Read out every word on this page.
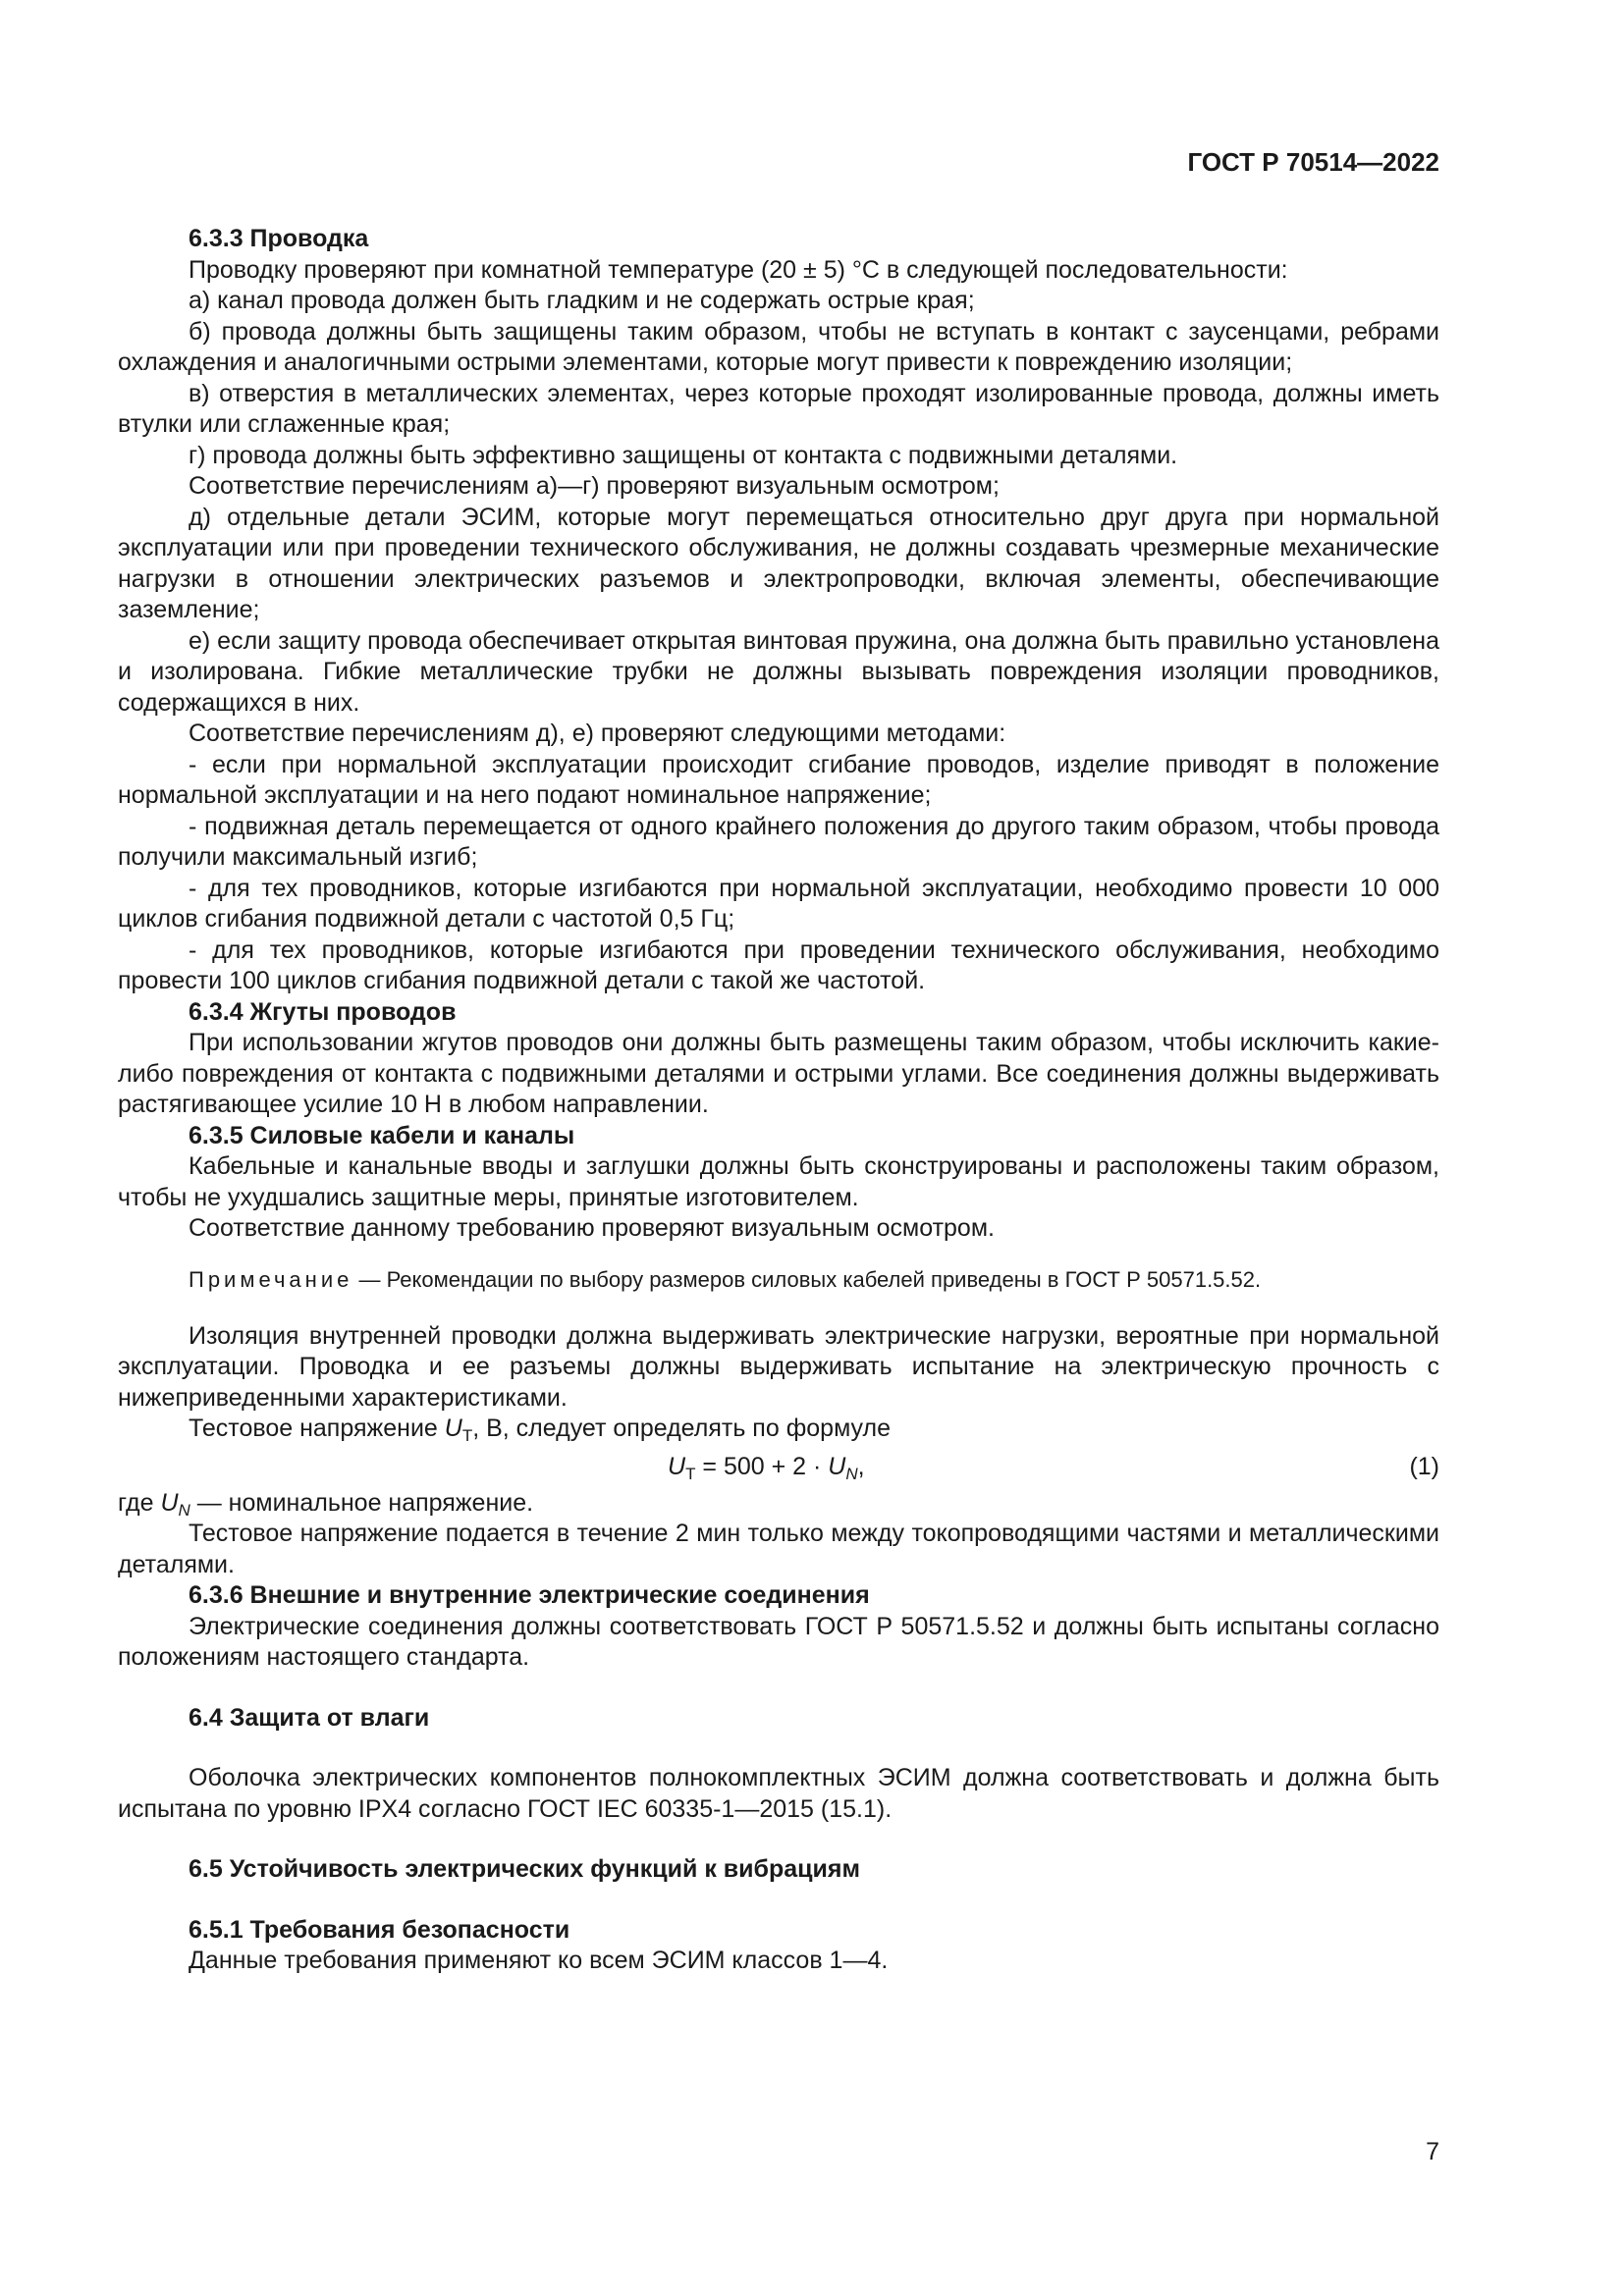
ГОСТ Р 70514—2022

6.3.3 Проводка

Проводку проверяют при комнатной температуре (20 ± 5) °С в следующей последовательности:

а) канал провода должен быть гладким и не содержать острые края;

б) провода должны быть защищены таким образом, чтобы не вступать в контакт с заусенцами, ребрами охлаждения и аналогичными острыми элементами, которые могут привести к повреждению изоляции;

в) отверстия в металлических элементах, через которые проходят изолированные провода, должны иметь втулки или сглаженные края;

г) провода должны быть эффективно защищены от контакта с подвижными деталями.

Соответствие перечислениям а)—г) проверяют визуальным осмотром;

д) отдельные детали ЭСИМ, которые могут перемещаться относительно друг друга при нормальной эксплуатации или при проведении технического обслуживания, не должны создавать чрезмерные механические нагрузки в отношении электрических разъемов и электропроводки, включая элементы, обеспечивающие заземление;

е) если защиту провода обеспечивает открытая винтовая пружина, она должна быть правильно установлена и изолирована. Гибкие металлические трубки не должны вызывать повреждения изоляции проводников, содержащихся в них.

Соответствие перечислениям д), е) проверяют следующими методами:

- если при нормальной эксплуатации происходит сгибание проводов, изделие приводят в положение нормальной эксплуатации и на него подают номинальное напряжение;

- подвижная деталь перемещается от одного крайнего положения до другого таким образом, чтобы провода получили максимальный изгиб;

- для тех проводников, которые изгибаются при нормальной эксплуатации, необходимо провести 10 000 циклов сгибания подвижной детали с частотой 0,5 Гц;

- для тех проводников, которые изгибаются при проведении технического обслуживания, необходимо провести 100 циклов сгибания подвижной детали с такой же частотой.

6.3.4 Жгуты проводов

При использовании жгутов проводов они должны быть размещены таким образом, чтобы исключить какие-либо повреждения от контакта с подвижными деталями и острыми углами. Все соединения должны выдерживать растягивающее усилие 10 Н в любом направлении.

6.3.5 Силовые кабели и каналы

Кабельные и канальные вводы и заглушки должны быть сконструированы и расположены таким образом, чтобы не ухудшались защитные меры, принятые изготовителем.

Соответствие данному требованию проверяют визуальным осмотром.

Примечание — Рекомендации по выбору размеров силовых кабелей приведены в ГОСТ Р 50571.5.52.

Изоляция внутренней проводки должна выдерживать электрические нагрузки, вероятные при нормальной эксплуатации. Проводка и ее разъемы должны выдерживать испытание на электрическую прочность с нижеприведенными характеристиками.

Тестовое напряжение $U_T$, В, следует определять по формуле

$U_T = 500 + 2 \cdot U_N$,	(1)

где $U_N$ — номинальное напряжение.

Тестовое напряжение подается в течение 2 мин только между токопроводящими частями и металлическими деталями.

6.3.6 Внешние и внутренние электрические соединения

Электрические соединения должны соответствовать ГОСТ Р 50571.5.52 и должны быть испытаны согласно положениям настоящего стандарта.

6.4 Защита от влаги

Оболочка электрических компонентов полнокомплектных ЭСИМ должна соответствовать и должна быть испытана по уровню IPX4 согласно ГОСТ IEC 60335-1—2015 (15.1).

6.5 Устойчивость электрических функций к вибрациям

6.5.1 Требования безопасности

Данные требования применяют ко всем ЭСИМ классов 1—4.

7
